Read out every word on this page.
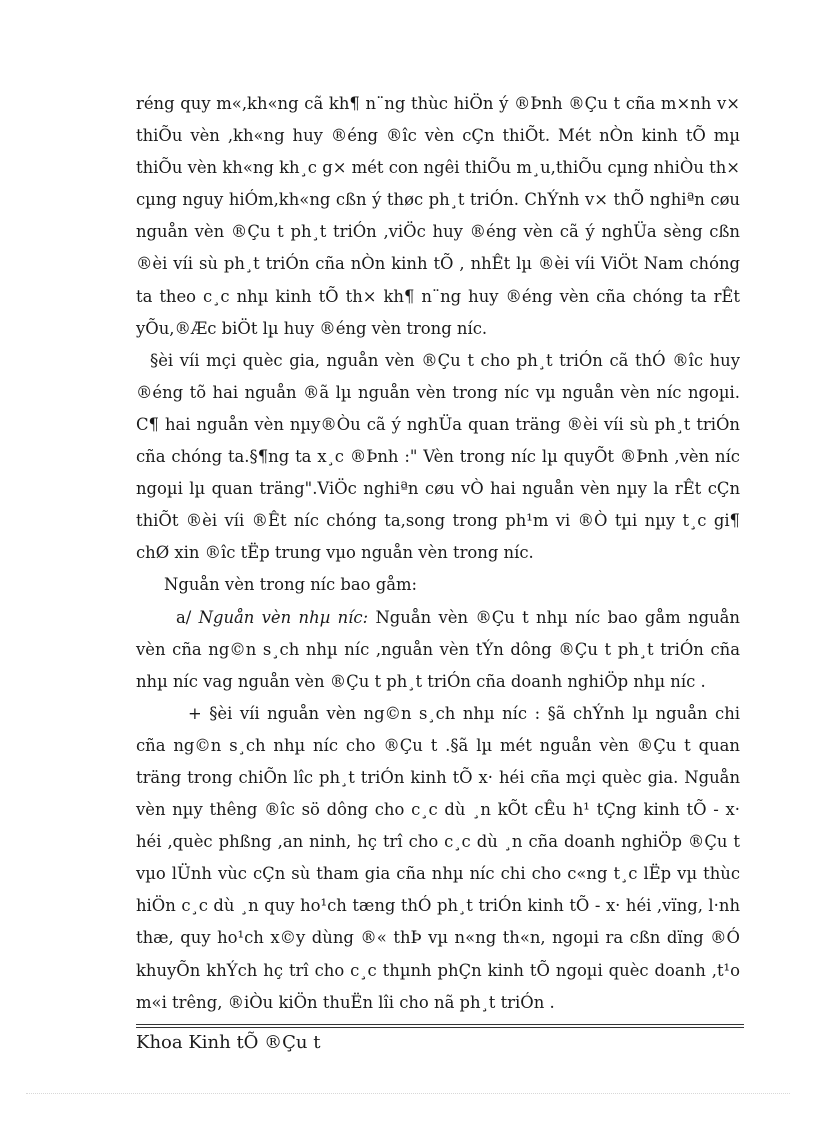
réng quy m«,kh«ng cã kh¶ n¨ng thùc hiÖn ý ®Þnh ®Çu t cña m×nh v× thiÕu vèn ,kh«ng huy ®éng ®îc vèn cÇn thiÕt. Mét nÒn kinh tÕ mµ thiÕu vèn kh«ng kh¸c g× mét con ngêi thiÕu m¸u,thiÕu cµng nhiÒu th× cµng nguy hiÓm,kh«ng cßn ý thøc ph¸t triÓn. ChÝnh v× thÕ nghiªn cøu nguån vèn ®Çu t ph¸t triÓn ,viÖc huy ®éng vèn cã ý nghÜa sèng cßn ®èi víi sù ph¸t triÓn cña nÒn kinh tÕ , nhÊt lµ ®èi víi ViÖt Nam chóng ta theo c¸c nhµ kinh tÕ th× kh¶ n¨ng huy ®éng vèn cña chóng ta rÊt yÕu,®Æc biÖt lµ huy ®éng vèn trong níc.

§èi víi mçi quèc gia, nguån vèn ®Çu t cho ph¸t triÓn cã thÓ ®îc huy ®éng tõ hai nguån ®ã lµ nguån vèn trong níc vµ nguån vèn níc ngoµi. C¶ hai nguån vèn nµy®Òu cã ý nghÜa quan träng ®èi víi sù ph¸t triÓn cña chóng ta.§¶ng ta x¸c ®Þnh :" Vèn trong níc lµ quyÕt ®Þnh ,vèn níc ngoµi lµ quan träng".ViÖc nghiªn cøu vÒ hai nguån vèn nµy la rÊt cÇn thiÕt ®èi víi ®Êt níc chóng ta,song trong ph¹m vi ®Ò tµi nµy t¸c gi¶ chØ xin ®îc tËp trung vµo nguån vèn trong níc.

Nguån vèn trong níc bao gåm:

a/ Nguån vèn nhµ níc: Nguån vèn ®Çu t nhµ níc bao gåm nguån vèn cña ng©n s¸ch nhµ níc ,nguån vèn tÝn dông ®Çu t ph¸t triÓn cña nhµ níc vag nguån vèn ®Çu t ph¸t triÓn cña doanh nghiÖp nhµ níc .

+ §èi víi nguån vèn ng©n s¸ch nhµ níc : §ã chÝnh lµ nguån chi cña ng©n s¸ch nhµ níc cho ®Çu t .§ã lµ mét nguån vèn ®Çu t quan träng trong chiÕn lîc ph¸t triÓn kinh tÕ x· héi cña mçi quèc gia. Nguån vèn nµy thêng ®îc sö dông cho c¸c dù ¸n kÕt cÊu h¹ tÇng kinh tÕ - x· héi ,quèc phßng ,an ninh, hç trî cho c¸c dù ¸n cña doanh nghiÖp ®Çu t vµo lÜnh vùc cÇn sù tham gia cña nhµ níc chi cho c«ng t¸c lËp vµ thùc hiÖn c¸c dù ¸n quy ho¹ch tæng thÓ ph¸t triÓn kinh tÕ - x· héi ,vïng, l·nh thæ, quy ho¹ch x©y dùng ®« thÞ vµ n«ng th«n, ngoµi ra cßn dïng ®Ó khuyÕn khÝch hç trî cho c¸c thµnh phÇn kinh tÕ ngoµi quèc doanh ,t¹o m«i trêng, ®iÒu kiÖn thuËn lîi cho nã ph¸t triÓn .

Khoa Kinh tÕ ®Çu t
